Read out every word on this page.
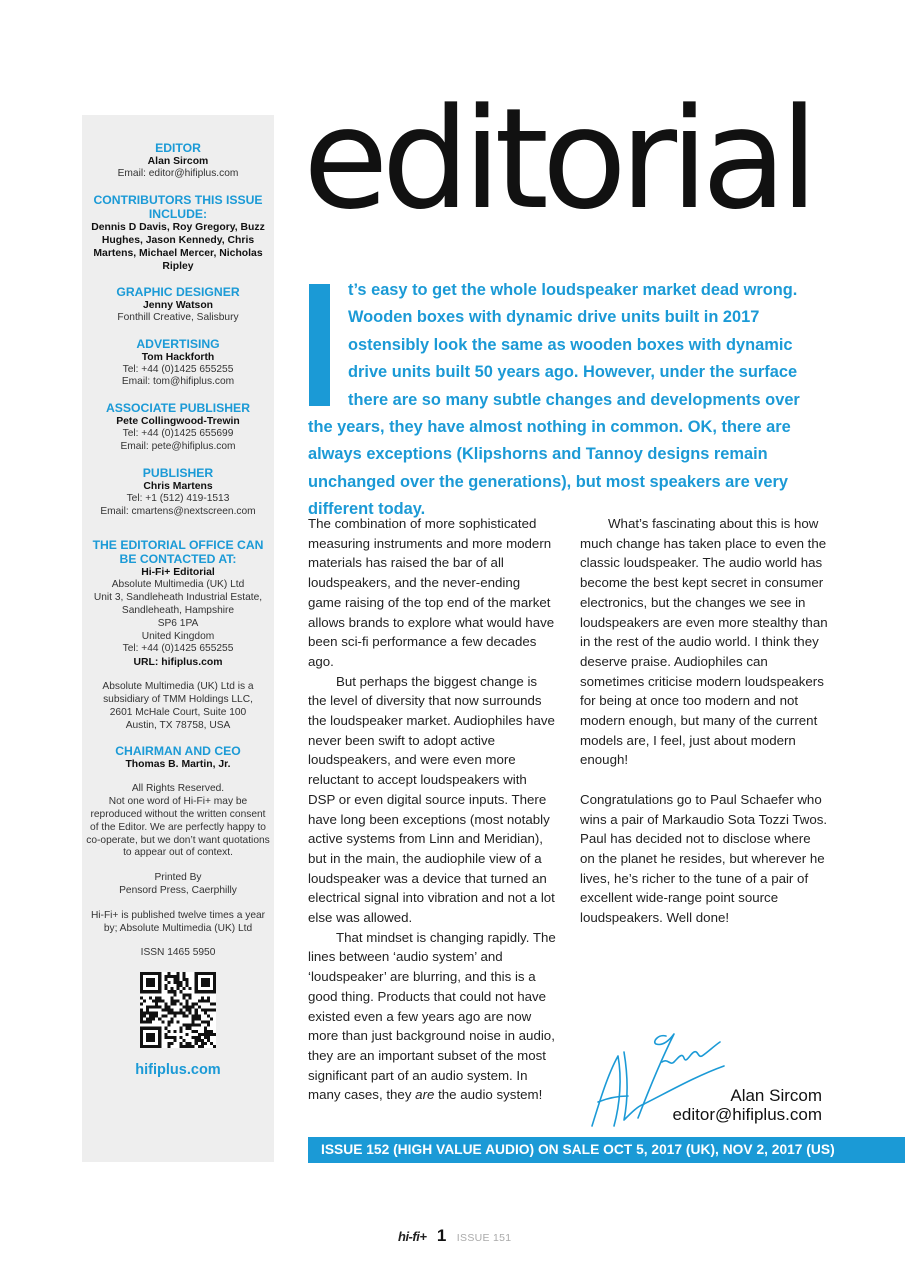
EDITOR
Alan Sircom
Email: editor@hifiplus.com
CONTRIBUTORS THIS ISSUE INCLUDE:
Dennis D Davis, Roy Gregory, Buzz Hughes, Jason Kennedy, Chris Martens, Michael Mercer, Nicholas Ripley
GRAPHIC DESIGNER
Jenny Watson
Fonthill Creative, Salisbury
ADVERTISING
Tom Hackforth
Tel: +44 (0)1425 655255
Email: tom@hifiplus.com
ASSOCIATE PUBLISHER
Pete Collingwood-Trewin
Tel: +44 (0)1425 655699
Email: pete@hifiplus.com
PUBLISHER
Chris Martens
Tel: +1 (512) 419-1513
Email: cmartens@nextscreen.com
THE EDITORIAL OFFICE CAN BE CONTACTED AT:
Hi-Fi+ Editorial
Absolute Multimedia (UK) Ltd
Unit 3, Sandleheath Industrial Estate,
Sandleheath, Hampshire
SP6 1PA
United Kingdom
Tel: +44 (0)1425 655255
URL: hifiplus.com
Absolute Multimedia (UK) Ltd is a subsidiary of TMM Holdings LLC, 2601 McHale Court, Suite 100 Austin, TX 78758, USA
CHAIRMAN AND CEO
Thomas B. Martin, Jr.
All Rights Reserved.
Not one word of Hi-Fi+ may be reproduced without the written consent of the Editor. We are perfectly happy to co-operate, but we don’t want quotations to appear out of context.
Printed By
Pensord Press, Caerphilly
Hi-Fi+ is published twelve times a year by; Absolute Multimedia (UK) Ltd
ISSN 1465 5950
hifiplus.com
editorial

t’s easy to get the whole loudspeaker market dead wrong. Wooden boxes with dynamic drive units built in 2017 ostensibly look the same as wooden boxes with dynamic drive units built 50 years ago. However, under the surface there are so many subtle changes and developments over the years, they have almost nothing in common. OK, there are always exceptions (Klipshorns and Tannoy designs remain unchanged over the generations), but most speakers are very different today.

The combination of more sophisticated measuring instruments and more modern materials has raised the bar of all loudspeakers, and the never-ending game raising of the top end of the market allows brands to explore what would have been sci-fi performance a few decades ago.

But perhaps the biggest change is the level of diversity that now surrounds the loudspeaker market. Audiophiles have never been swift to adopt active loudspeakers, and were even more reluctant to accept loudspeakers with DSP or even digital source inputs. There have long been exceptions (most notably active systems from Linn and Meridian), but in the main, the audiophile view of a loudspeaker was a device that turned an electrical signal into vibration and not a lot else was allowed.

That mindset is changing rapidly. The lines between ‘audio system’ and ‘loudspeaker’ are blurring, and this is a good thing. Products that could not have existed even a few years ago are now more than just background noise in audio, they are an important subset of the most significant part of an audio system. In many cases, they are the audio system!

What’s fascinating about this is how much change has taken place to even the classic loudspeaker. The audio world has become the best kept secret in consumer electronics, but the changes we see in loudspeakers are even more stealthy than in the rest of the audio world. I think they deserve praise. Audiophiles can sometimes criticise modern loudspeakers for being at once too modern and not modern enough, but many of the current models are, I feel, just about modern enough!

Congratulations go to Paul Schaefer who wins a pair of Markaudio Sota Tozzi Twos. Paul has decided not to disclose where on the planet he resides, but wherever he lives, he’s richer to the tune of a pair of excellent wide-range point source loudspeakers. Well done!

Alan Sircom
editor@hifiplus.com
ISSUE 152 (HIGH VALUE AUDIO) ON SALE OCT 5, 2017 (UK), NOV 2, 2017 (US)
hi-fi+ 1 ISSUE 151
